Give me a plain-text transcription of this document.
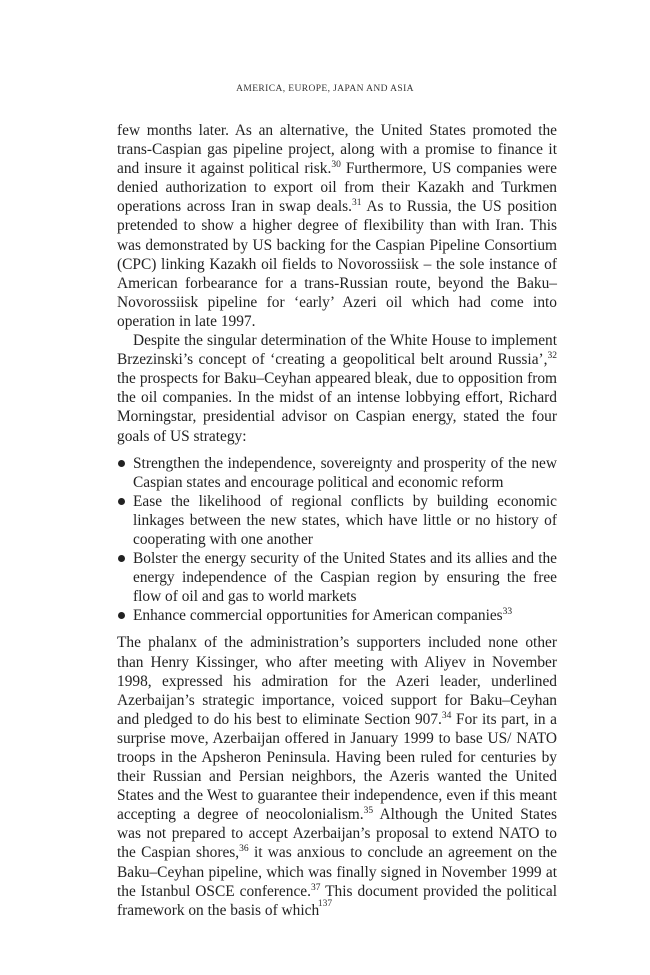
AMERICA, EUROPE, JAPAN AND ASIA

few months later. As an alternative, the United States promoted the trans-Caspian gas pipeline project, along with a promise to finance it and insure it against political risk.$^{30}$ Furthermore, US companies were denied authorization to export oil from their Kazakh and Turkmen operations across Iran in swap deals.$^{31}$ As to Russia, the US position pretended to show a higher degree of flexibility than with Iran. This was demonstrated by US backing for the Caspian Pipeline Consortium (CPC) linking Kazakh oil fields to Novorossiisk – the sole instance of American forbearance for a trans-Russian route, beyond the Baku–Novorossiisk pipeline for ‘early’ Azeri oil which had come into operation in late 1997.

Despite the singular determination of the White House to implement Brzezinski’s concept of ‘creating a geopolitical belt around Russia’,$^{32}$ the prospects for Baku–Ceyhan appeared bleak, due to opposition from the oil companies. In the midst of an intense lobbying effort, Richard Morningstar, presidential advisor on Caspian energy, stated the four goals of US strategy:

Strengthen the independence, sovereignty and prosperity of the new Caspian states and encourage political and economic reform
Ease the likelihood of regional conflicts by building economic linkages between the new states, which have little or no history of cooperating with one another
Bolster the energy security of the United States and its allies and the energy independence of the Caspian region by ensuring the free flow of oil and gas to world markets
Enhance commercial opportunities for American companies$^{33}$

The phalanx of the administration’s supporters included none other than Henry Kissinger, who after meeting with Aliyev in November 1998, expressed his admiration for the Azeri leader, underlined Azerbaijan’s strategic importance, voiced support for Baku–Ceyhan and pledged to do his best to eliminate Section 907.34 For its part, in a surprise move, Azerbaijan offered in January 1999 to base US/ NATO troops in the Apsheron Peninsula. Having been ruled for centuries by their Russian and Persian neighbors, the Azeris wanted the United States and the West to guarantee their independence, even if this meant accepting a degree of neocolonialism.$^{35}$ Although the United States was not prepared to accept Azerbaijan’s proposal to extend NATO to the Caspian shores,$^{36}$ it was anxious to conclude an agreement on the Baku–Ceyhan pipeline, which was finally signed in November 1999 at the Istanbul OSCE conference.$^{37}$ This document provided the political framework on the basis of which

137
